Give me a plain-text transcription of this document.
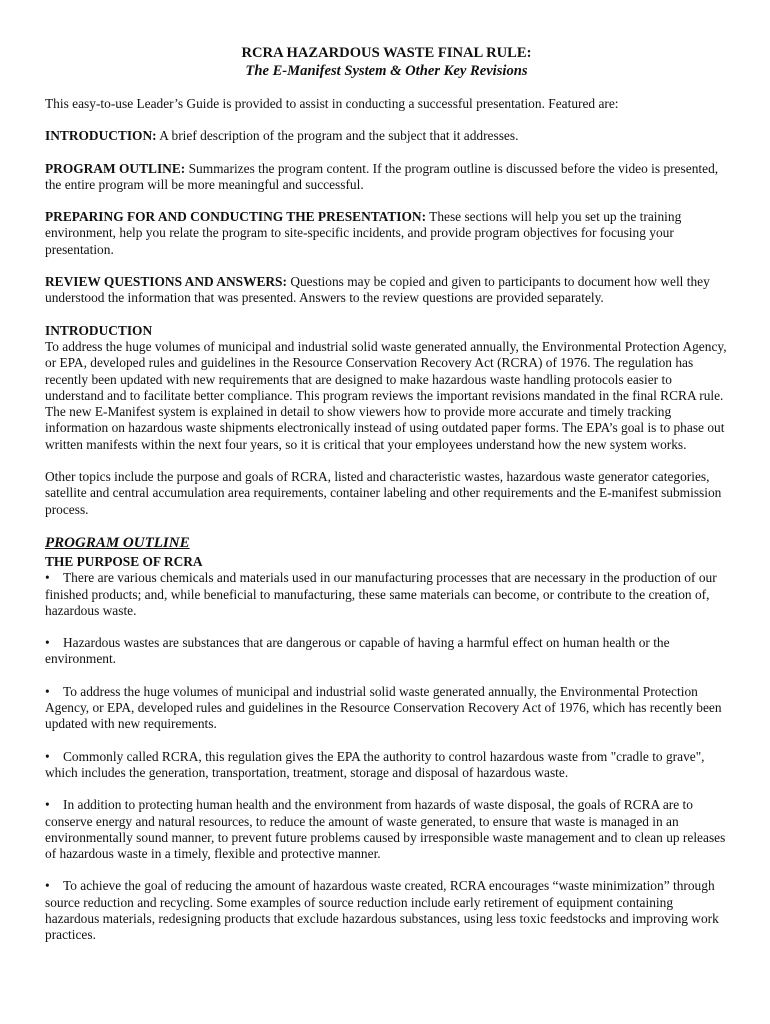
RCRA HAZARDOUS WASTE FINAL RULE:
The E-Manifest System & Other Key Revisions

This easy-to-use Leader’s Guide is provided to assist in conducting a successful presentation. Featured are:

INTRODUCTION: A brief description of the program and the subject that it addresses.

PROGRAM OUTLINE: Summarizes the program content. If the program outline is discussed before the video is presented, the entire program will be more meaningful and successful.

PREPARING FOR AND CONDUCTING THE PRESENTATION: These sections will help you set up the training environment, help you relate the program to site-specific incidents, and provide program objectives for focusing your presentation.

REVIEW QUESTIONS AND ANSWERS: Questions may be copied and given to participants to document how well they understood the information that was presented. Answers to the review questions are provided separately.

INTRODUCTION

To address the huge volumes of municipal and industrial solid waste generated annually, the Environmental Protection Agency, or EPA, developed rules and guidelines in the Resource Conservation Recovery Act (RCRA) of 1976. The regulation has recently been updated with new requirements that are designed to make hazardous waste handling protocols easier to understand and to facilitate better compliance. This program reviews the important revisions mandated in the final RCRA rule. The new E-Manifest system is explained in detail to show viewers how to provide more accurate and timely tracking information on hazardous waste shipments electronically instead of using outdated paper forms. The EPA’s goal is to phase out written manifests within the next four years, so it is critical that your employees understand how the new system works.

Other topics include the purpose and goals of RCRA, listed and characteristic wastes, hazardous waste generator categories, satellite and central accumulation area requirements, container labeling and other requirements and the E-manifest submission process.

PROGRAM OUTLINE
THE PURPOSE OF RCRA
• There are various chemicals and materials used in our manufacturing processes that are necessary in the production of our finished products; and, while beneficial to manufacturing, these same materials can become, or contribute to the creation of, hazardous waste.
• Hazardous wastes are substances that are dangerous or capable of having a harmful effect on human health or the environment.
• To address the huge volumes of municipal and industrial solid waste generated annually, the Environmental Protection Agency, or EPA, developed rules and guidelines in the Resource Conservation Recovery Act of 1976, which has recently been updated with new requirements.
• Commonly called RCRA, this regulation gives the EPA the authority to control hazardous waste from "cradle to grave", which includes the generation, transportation, treatment, storage and disposal of hazardous waste.
• In addition to protecting human health and the environment from hazards of waste disposal, the goals of RCRA are to conserve energy and natural resources, to reduce the amount of waste generated, to ensure that waste is managed in an environmentally sound manner, to prevent future problems caused by irresponsible waste management and to clean up releases of hazardous waste in a timely, flexible and protective manner.
• To achieve the goal of reducing the amount of hazardous waste created, RCRA encourages “waste minimization” through source reduction and recycling. Some examples of source reduction include early retirement of equipment containing hazardous materials, redesigning products that exclude hazardous substances, using less toxic feedstocks and improving work practices.
